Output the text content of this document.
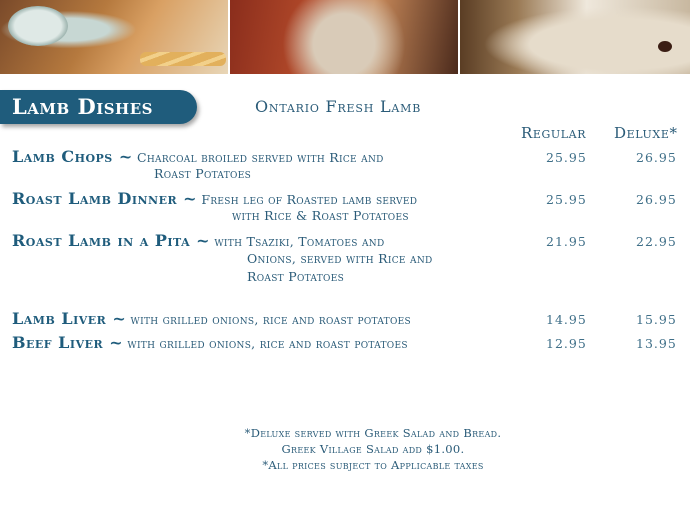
Lamb Dishes	Ontario Fresh Lamb
Regular Deluxe*
Lamb Chops ~ Charcoal broiled served with Rice and
Roast Potatoes
25.95	26.95
Roast Lamb Dinner ~ Fresh leg of Roasted lamb served
with Rice & Roast Potatoes
25.95	26.95
Roast Lamb in a Pita ~ with Tsaziki, Tomatoes and
Onions, served with Rice and
Roast Potatoes
21.95	22.95
Lamb Liver ~ with grilled onions, rice and roast potatoes	14.95	15.95
Beef Liver ~ with grilled onions, rice and roast potatoes	12.95	13.95
*Deluxe served with Greek Salad and Bread.
Greek Village Salad add $1.00.
*All prices subject to Applicable taxes
